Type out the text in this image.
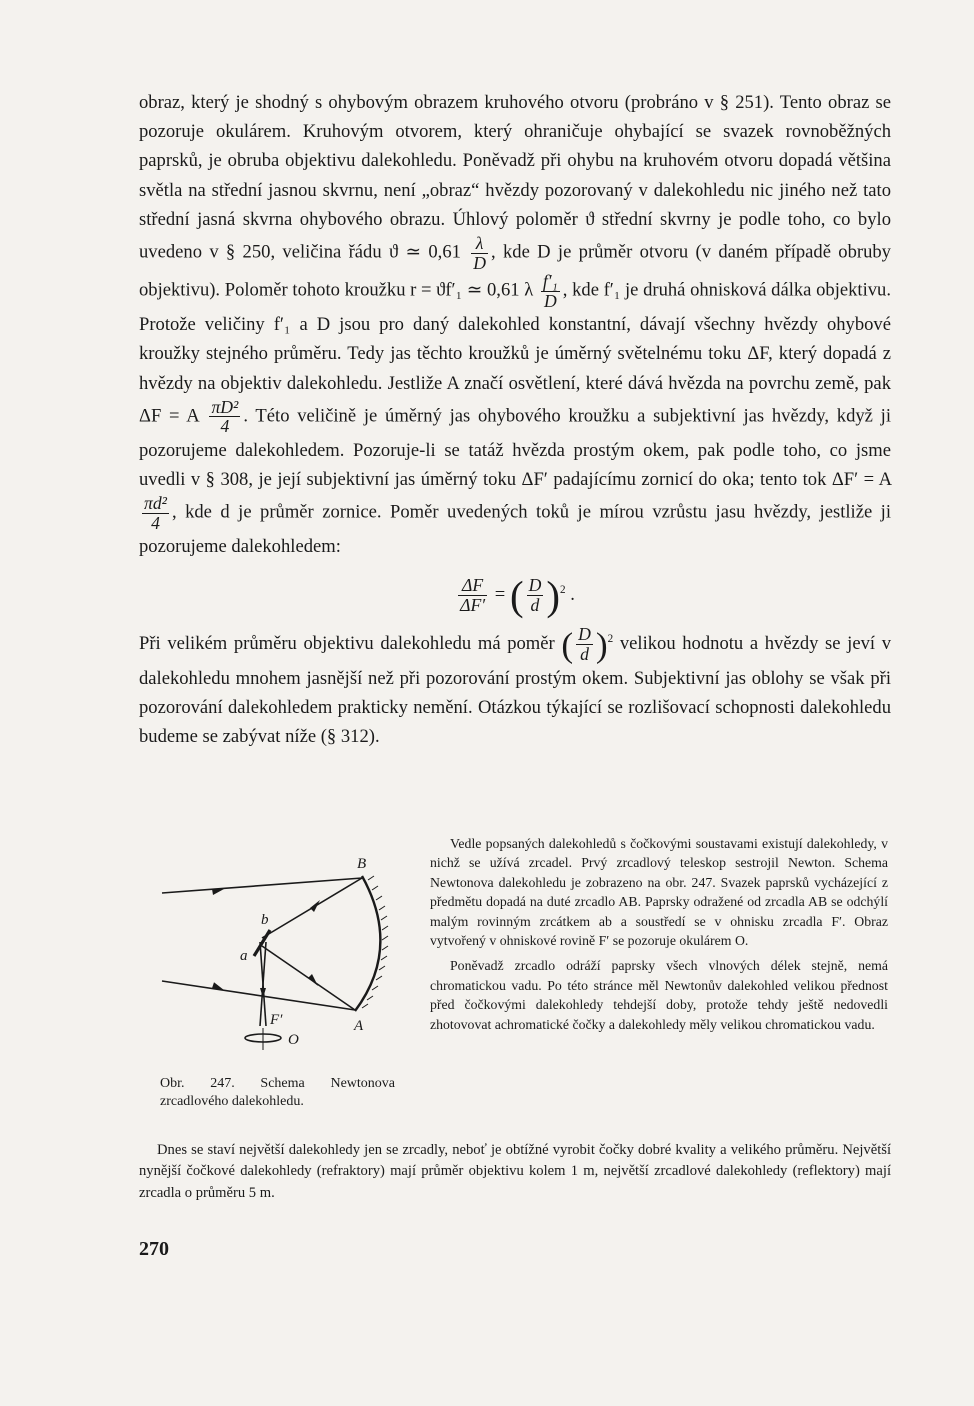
obraz, který je shodný s ohybovým obrazem kruhového otvoru (probráno v § 251). Tento obraz se pozoruje okulárem. Kruhovým otvorem, který ohraničuje ohybající se svazek rovnoběžných paprsků, je obruba objektivu dalekohledu. Poněvadž při ohybu na kruhovém otvoru dopadá většina světla na střední jasnou skvrnu, není „obraz“ hvězdy pozorovaný v dalekohledu nic jiného než tato střední jasná skvrna ohybového obrazu. Úhlový poloměr ϑ střední skvrny je podle toho, co bylo uvedeno v § 250, veličina řádu ϑ ≃ $0,61 \frac{\lambda}{D}$ , kde D je průměr otvoru (v daném případě obruby objektivu). Poloměr tohoto kroužku r = ϑf′₁ ≃ 0,61 λ $\frac{\text{f′₁}}{D}$ , kde f′₁ je druhá ohnisková dálka objektivu. Protože veličiny f′₁ a D jsou pro daný dalekohled konstantní, dávají všechny hvězdy ohybové kroužky stejného průměru. Tedy jas těchto kroužků je úměrný světelnému toku ΔF, který dopadá z hvězdy na objektiv dalekohledu. Jestliže A značí osvětlení, které dává hvězda na povrchu země, pak ΔF = A $\frac{\text{πD²}}{4}$ . Této veličině je úměrný jas ohybového kroužku a subjektivní jas hvězdy, když ji pozorujeme dalekohledem. Pozoruje-li se tatáž hvězda prostým okem, pak podle toho, co jsme uvedli v § 308, je její subjektivní jas úměrný toku ΔF′ padajícímu zornicí do oka; tento tok ΔF′ = A
$\frac{\text{πd²}}{4}$ , kde d je průměr zornice. Poměr uvedených toků je mírou vzrůstu jasu hvězdy, jestliže ji pozorujeme dalekohledem:

$\frac{\Delta F}{\Delta F'}$ = ( $\frac{D}{d} )^2$ .

Při velikém průměru objektivu dalekohledu má poměr ( $\frac{D}{d} )^2$ velikou hodnotu a hvězdy se jeví v dalekohledu mnohem jasnější než při pozorování prostým okem. Subjektivní jas oblohy se však při pozorování dalekohledem prakticky nemění. Otázkou týkající se rozlišovací schopnosti dalekohledu budeme se zabývat níže (§ 312).

B
b
a
F′	A
O
Obr. 247. Schema Newtonova zrcadlového dalekohledu.

Vedle popsaných dalekohledů s čočkovými soustavami existují dalekohledy, v nichž se užívá zrcadel. Prvý zrcadlový teleskop sestrojil Newton. Schema Newtonova dalekohledu je zobrazeno na obr. 247. Svazek paprsků vycházející z předmětu dopadá na duté zrcadlo AB. Paprsky odražené od zrcadla AB se odchýlí malým rovinným zrcátkem ab a soustředí se v ohnisku zrcadla F′. Obraz vytvořený v ohniskové rovině F′ se pozoruje okulárem O.

Poněvadž zrcadlo odráží paprsky všech vlnových délek stejně, nemá chromatickou vadu. Po této stránce měl Newtonův dalekohled velikou přednost před čočkovými dalekohledy tehdejší doby, protože tehdy ještě nedovedli zhotovovat achromatické čočky a dalekohledy měly velikou chromatickou vadu.

Dnes se staví největší dalekohledy jen se zrcadly, neboť je obtížné vyrobit čočky dobré kvality a velikého průměru. Největší nynější čočkové dalekohledy (refraktory) mají průměr objektivu kolem 1 m, největší zrcadlové dalekohledy (reflektory) mají zrcadla o průměru 5 m.

270
